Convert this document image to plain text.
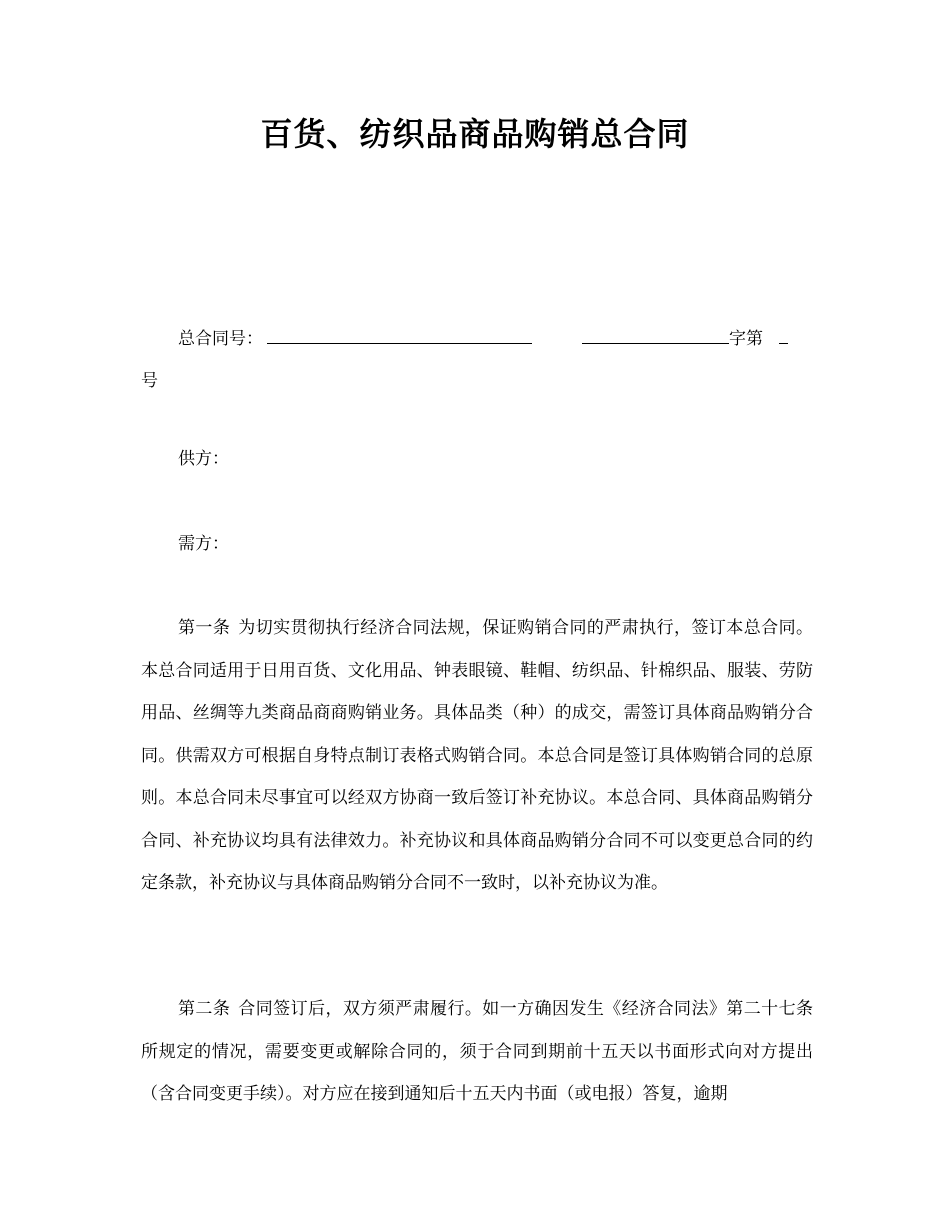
百货、纺织品商品购销总合同
总合同号：	字第
号
供方：
需方：
第一条 为切实贯彻执行经济合同法规，保证购销合同的严肃执行，签订本总合同。本总合同适用于日用百货、文化用品、钟表眼镜、鞋帽、纺织品、针棉织品、服装、劳防用品、丝绸等九类商品商商购销业务。具体品类（种）的成交，需签订具体商品购销分合同。供需双方可根据自身特点制订表格式购销合同。本总合同是签订具体购销合同的总原则。本总合同未尽事宜可以经双方协商一致后签订补充协议。本总合同、具体商品购销分合同、补充协议均具有法律效力。补充协议和具体商品购销分合同不可以变更总合同的约定条款，补充协议与具体商品购销分合同不一致时，以补充协议为准。
第二条 合同签订后，双方须严肃履行。如一方确因发生《经济合同法》第二十七条所规定的情况，需要变更或解除合同的，须于合同到期前十五天以书面形式向对方提出（含合同变更手续）。对方应在接到通知后十五天内书面（或电报）答复，逾期
